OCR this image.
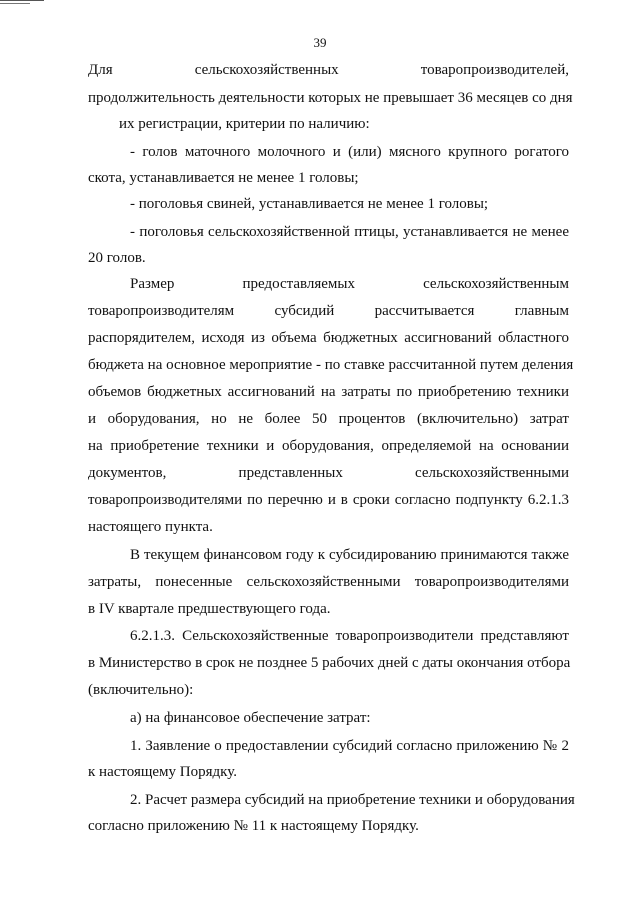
39
Для сельскохозяйственных товаропроизводителей,
продолжительность деятельности которых не превышает 36 месяцев со дня
их регистрации, критерии по наличию:
- голов маточного молочного и (или) мясного крупного рогатого
скота, устанавливается не менее 1 головы;
- поголовья свиней, устанавливается не менее 1 головы;
- поголовья сельскохозяйственной птицы, устанавливается не менее
20 голов.
Размер предоставляемых сельскохозяйственным
товаропроизводителям субсидий рассчитывается главным
распорядителем, исходя из объема бюджетных ассигнований областного
бюджета на основное мероприятие - по ставке рассчитанной путем деления
объемов бюджетных ассигнований на затраты по приобретению техники
и оборудования, но не более 50 процентов (включительно) затрат
на приобретение техники и оборудования, определяемой на основании
документов, представленных сельскохозяйственными
товаропроизводителями по перечню и в сроки согласно подпункту 6.2.1.3
настоящего пункта.
В текущем финансовом году к субсидированию принимаются также
затраты, понесенные сельскохозяйственными товаропроизводителями
в IV квартале предшествующего года.
6.2.1.3. Сельскохозяйственные товаропроизводители представляют
в Министерство в срок не позднее 5 рабочих дней с даты окончания отбора
(включительно):
а) на финансовое обеспечение затрат:
1. Заявление о предоставлении субсидий согласно приложению № 2
к настоящему Порядку.
2. Расчет размера субсидий на приобретение техники и оборудования
согласно приложению № 11 к настоящему Порядку.
